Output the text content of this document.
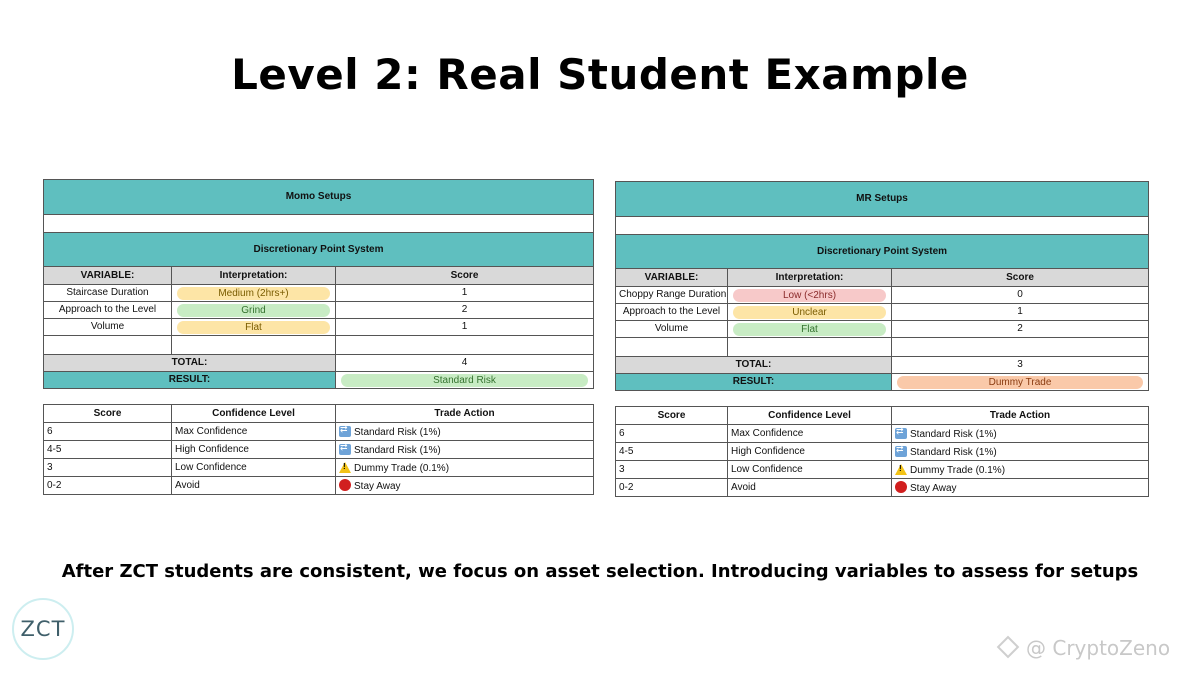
Level 2: Real Student Example
Momo Setups		

Discretionary Point System		
VARIABLE:	Interpretation:	Score
Staircase Duration	Medium (2hrs+)	1
Approach to the Level	Grind	2
Volume	Flat	1

TOTAL:		4
RESULT:		Standard Risk
Score	Confidence Level	Trade Action
6	Max Confidence	⇄Standard Risk (1%)
4-5	High Confidence	⇄Standard Risk (1%)
3	Low Confidence	!Dummy Trade (0.1%)
0-2	Avoid	Stay Away
MR Setups		

Discretionary Point System		
VARIABLE:	Interpretation:	Score
Choppy Range Duration	Low (<2hrs)	0
Approach to the Level	Unclear	1
Volume	Flat	2

TOTAL:		3
RESULT:		Dummy Trade
Score	Confidence Level	Trade Action
6	Max Confidence	⇄Standard Risk (1%)
4-5	High Confidence	⇄Standard Risk (1%)
3	Low Confidence	!Dummy Trade (0.1%)
0-2	Avoid	Stay Away
After ZCT students are consistent, we focus on asset selection. Introducing variables to assess for setups
ZCT
@ CryptoZeno
